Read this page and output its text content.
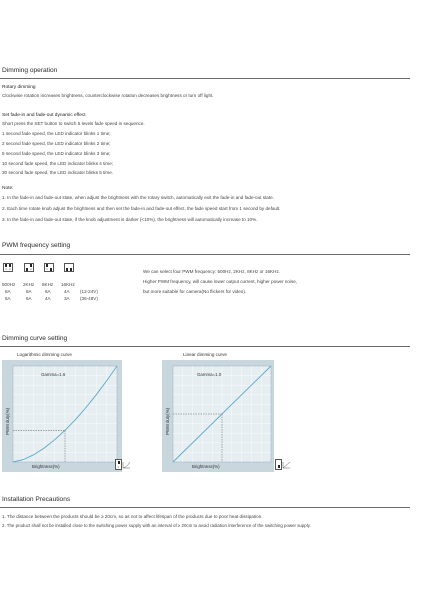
Dimming operation
Rotary dimming
Clockwise rotation increases brightness, counterclockwise rotation decreases brightness or turn off light.
Set fade-in and fade-out dynamic effect
Short press the SET button to switch 5 levels fade speed in sequence.
1 second fade speed, the LED indicator blinks 1 time;
2 second fade speed, the LED indicator blinks 2 time;
5 second fade speed, the LED indicator blinks 3 time;
10 second fade speed, the LED indicator blinks 4 time;
30 second fade speed, the LED indicator blinks 5 time.
Note:
1. In the fade-in and fade-out state, when adjust the brightness with the rotary switch, automatically exit the fade-in and fade-out state.
2. Each time rotate knob adjust the brightness and then set the fade-in and fade-out effect, the fade speed start from 1 second by default.
3. In the fade-in and fade-out state, if the knob adjustment is darker (<10%), the brightness will automatically increase to 10%.
PWM frequency setting
1 2	1 2	1 2	1 2
500Hz 2KHz 8KHz 16KHz
8A	8A	6A	4A (12-24V)
6A	6A	4A	3A (36-48V)
We can select four PWM frequency: 500Hz, 2KHz, 8KHz or 16KHz.
Higher PWM frequency, will cause lower output current, higher power noise,
but more suitable for camera(No flickers for video).
Dimming curve setting
Logarithmic dimming curve	Linear dimming curve
Gamma=1.6
Brightness(%)
PWM duty(%)
Gamma=1.0
Brightness(%)
PWM duty(%)
1	1
Installation Precautions
1. The distance between the products should be ≥ 20cm, so as not to affect lifespan of the products due to poor heat dissipation.
2. The product shall not be installed close to the switching power supply with an interval of ≥ 20cm to avoid radiation interference of the switching power supply.
